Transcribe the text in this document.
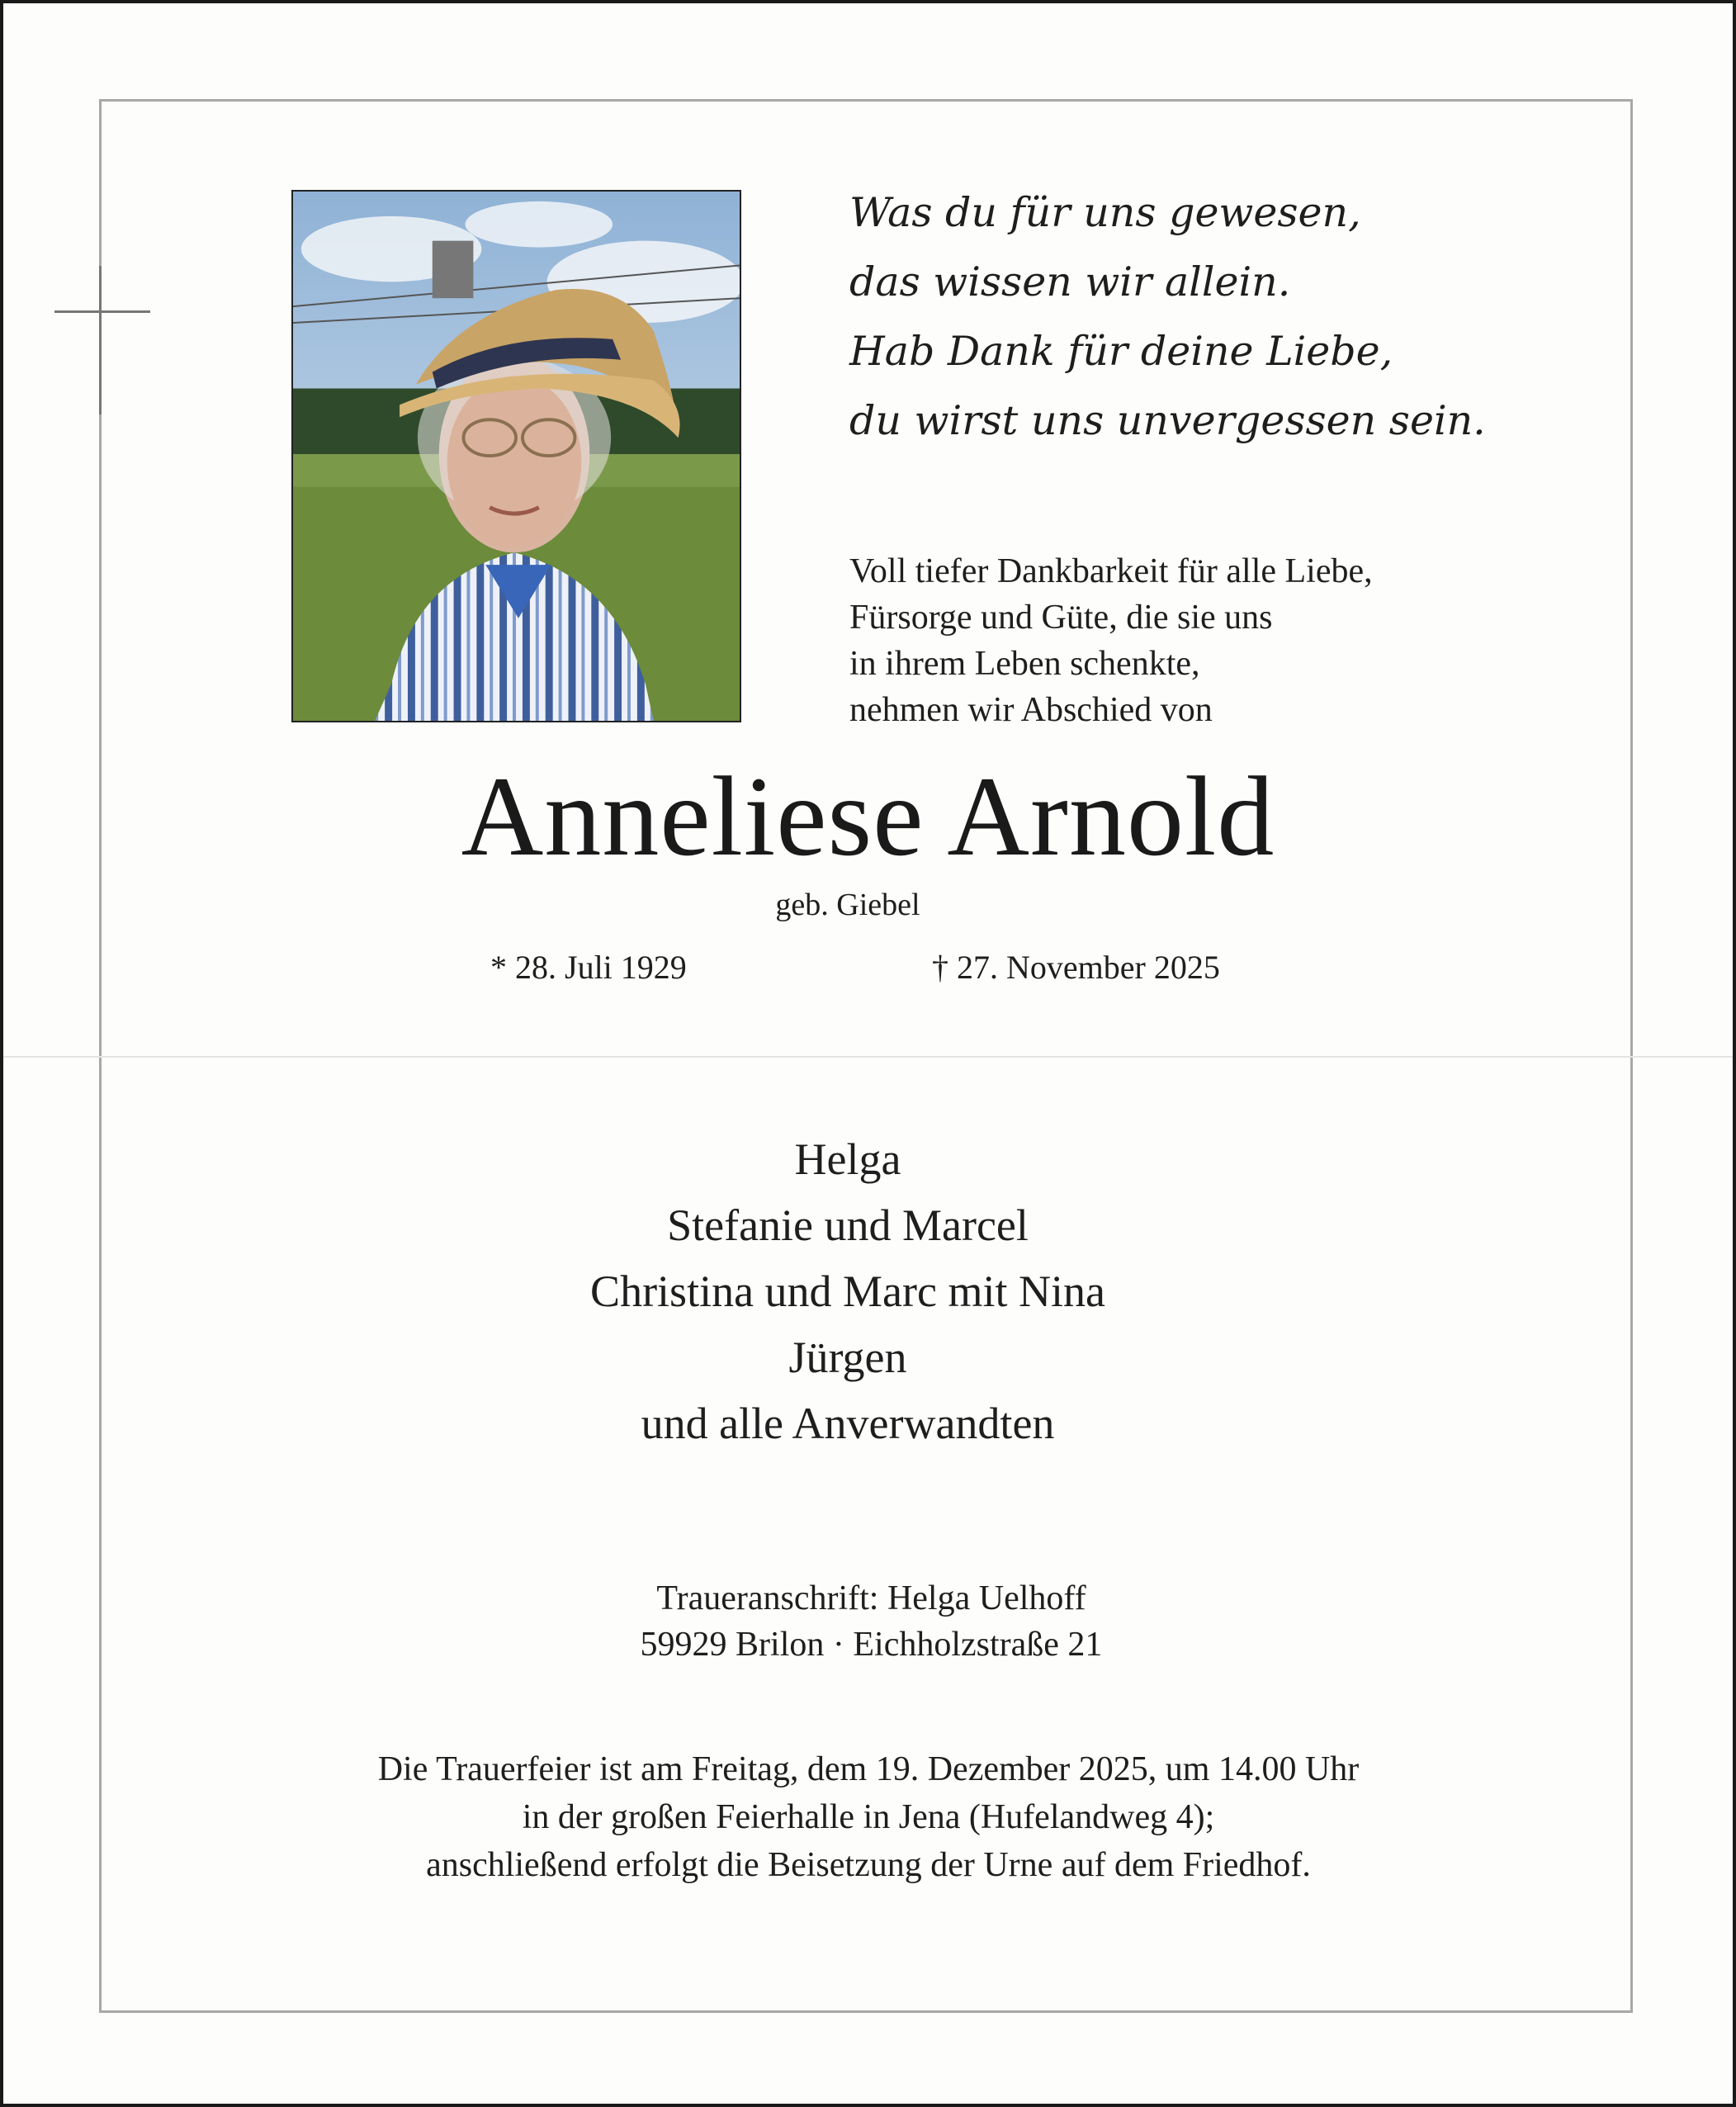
Was du für uns gewesen,
das wissen wir allein.
Hab Dank für deine Liebe,
du wirst uns unvergessen sein.
Voll tiefer Dankbarkeit für alle Liebe,
Fürsorge und Güte, die sie uns
in ihrem Leben schenkte,
nehmen wir Abschied von
Anneliese Arnold
geb. Giebel
* 28. Juli 1929	† 27. November 2025
Helga
Stefanie und Marcel
Christina und Marc mit Nina
Jürgen
und alle Anverwandten
Traueranschrift: Helga Uelhoff
59929 Brilon · Eichholzstraße 21
Die Trauerfeier ist am Freitag, dem 19. Dezember 2025, um 14.00 Uhr
in der großen Feierhalle in Jena (Hufelandweg 4);
anschließend erfolgt die Beisetzung der Urne auf dem Friedhof.
